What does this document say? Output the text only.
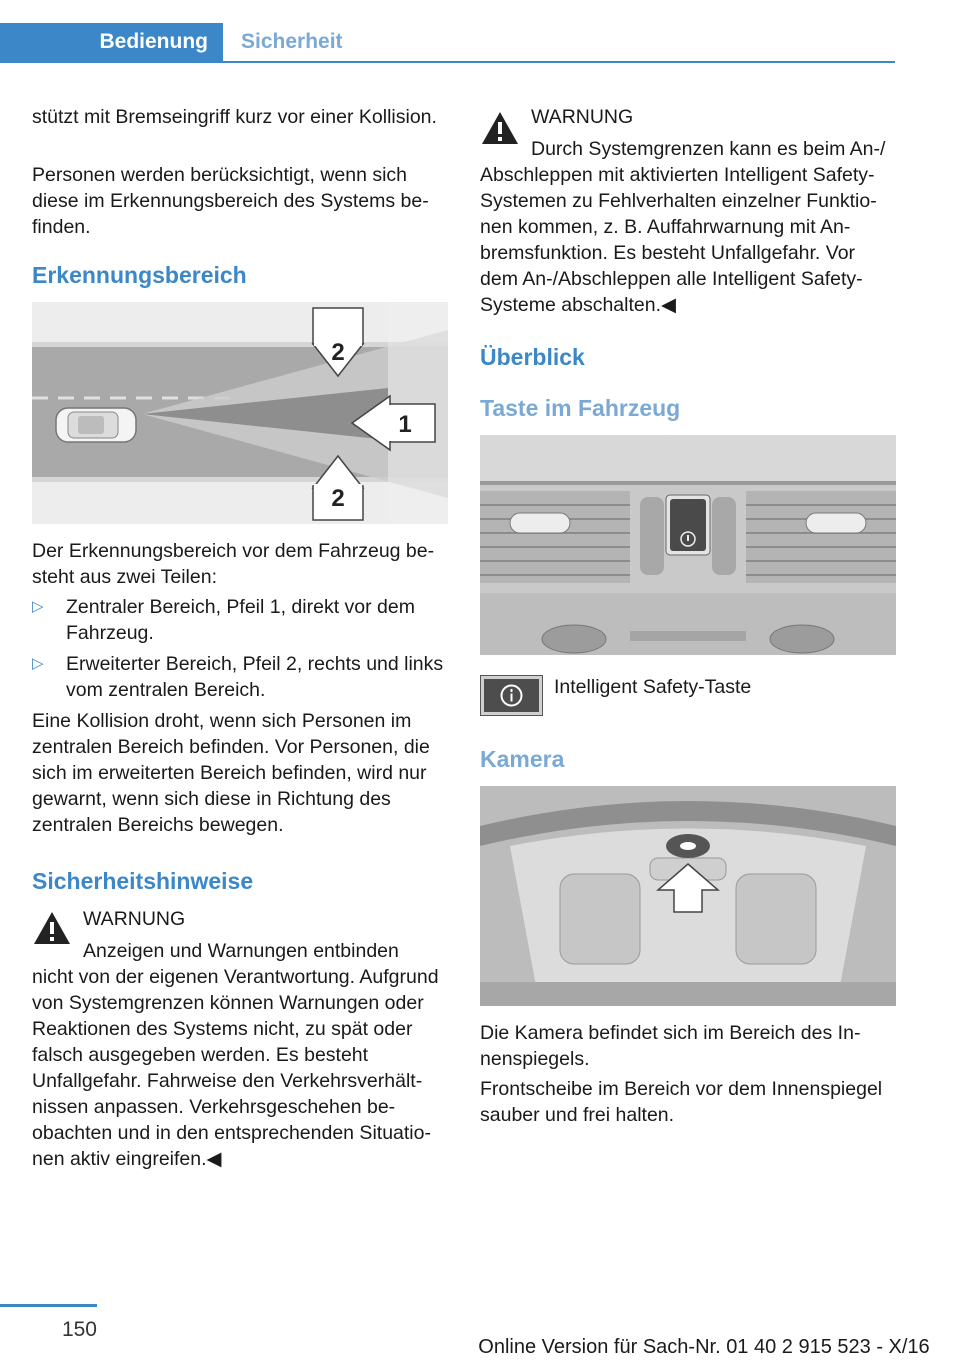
Bedienung Sicherheit

stützt mit Bremseingriff kurz vor einer Kollision.

Personen werden berücksichtigt, wenn sich diese im Erkennungsbereich des Systems befinden.

Erkennungsbereich
2
1
2

Der Erkennungsbereich vor dem Fahrzeug besteht aus zwei Teilen:

▷ Zentraler Bereich, Pfeil 1, direkt vor dem Fahrzeug.
▷ Erweiterter Bereich, Pfeil 2, rechts und links vom zentralen Bereich.

Eine Kollision droht, wenn sich Personen im zentralen Bereich befinden. Vor Personen, die sich im erweiterten Bereich befinden, wird nur gewarnt, wenn sich diese in Richtung des zentralen Bereichs bewegen.

Sicherheitshinweise

WARNUNG

Anzeigen und Warnungen entbinden

nicht von der eigenen Verantwortung. Aufgrund von Systemgrenzen können Warnungen oder Reaktionen des Systems nicht, zu spät oder falsch ausgegeben werden. Es besteht Unfallgefahr. Fahrweise den Verkehrsverhältnissen anpassen. Verkehrsgeschehen beobachten und in den entsprechenden Situationen aktiv eingreifen.◀

WARNUNG

Durch Systemgrenzen kann es beim An-/

Abschleppen mit aktivierten Intelligent Safety-Systemen zu Fehlverhalten einzelner Funktionen kommen, z. B. Auffahrwarnung mit Anbremsfunktion. Es besteht Unfallgefahr. Vor dem An-/Abschleppen alle Intelligent Safety-Systeme abschalten.◀

Überblick
Taste im Fahrzeug

Intelligent Safety-Taste

Kamera

Die Kamera befindet sich im Bereich des Innenspiegels.

Frontscheibe im Bereich vor dem Innenspiegel sauber und frei halten.

150
Online Version für Sach-Nr. 01 40 2 915 523 - X/16
